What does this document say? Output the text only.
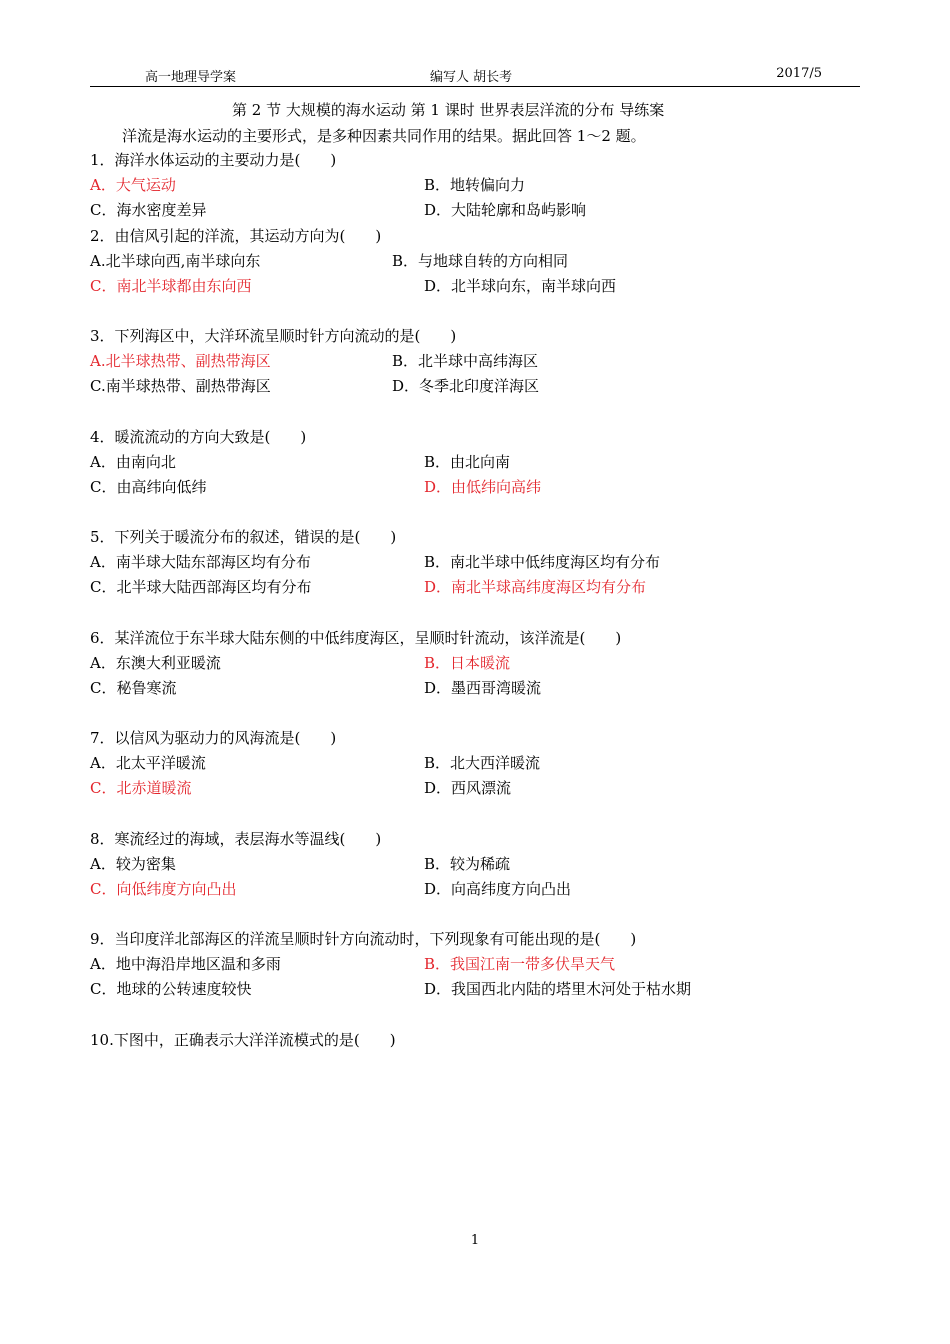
高一地理导学案	编写人 胡长考	2017/5
第 2 节 大规模的海水运动 第 1 课时 世界表层洋流的分布 导练案
洋流是海水运动的主要形式，是多种因素共同作用的结果。据此回答 1～2 题。
1．海洋水体运动的主要动力是(　　)
A．大气运动	B．地转偏向力
C．海水密度差异	D．大陆轮廓和岛屿影响
2．由信风引起的洋流，其运动方向为(　　)
A.北半球向西,南半球向东	B．与地球自转的方向相同
C．南北半球都由东向西	D．北半球向东，南半球向西
3．下列海区中，大洋环流呈顺时针方向流动的是(　　)
A.北半球热带、副热带海区	B．北半球中高纬海区
C.南半球热带、副热带海区	D．冬季北印度洋海区
4．暖流流动的方向大致是(　　)
A．由南向北	B．由北向南
C．由高纬向低纬	D．由低纬向高纬
5．下列关于暖流分布的叙述，错误的是(　　)
A．南半球大陆东部海区均有分布	B．南北半球中低纬度海区均有分布
C．北半球大陆西部海区均有分布	D．南北半球高纬度海区均有分布
6．某洋流位于东半球大陆东侧的中低纬度海区，呈顺时针流动，该洋流是(　　)
A．东澳大利亚暖流	B．日本暖流
C．秘鲁寒流	D．墨西哥湾暖流
7．以信风为驱动力的风海流是(　　)
A．北太平洋暖流	B．北大西洋暖流
C．北赤道暖流	D．西风漂流
8．寒流经过的海域，表层海水等温线(　　)
A．较为密集	B．较为稀疏
C．向低纬度方向凸出	D．向高纬度方向凸出
9．当印度洋北部海区的洋流呈顺时针方向流动时，下列现象有可能出现的是(　　)
A．地中海沿岸地区温和多雨	B．我国江南一带多伏旱天气
C．地球的公转速度较快	D．我国西北内陆的塔里木河处于枯水期
10.下图中，正确表示大洋洋流模式的是(　　)
1
